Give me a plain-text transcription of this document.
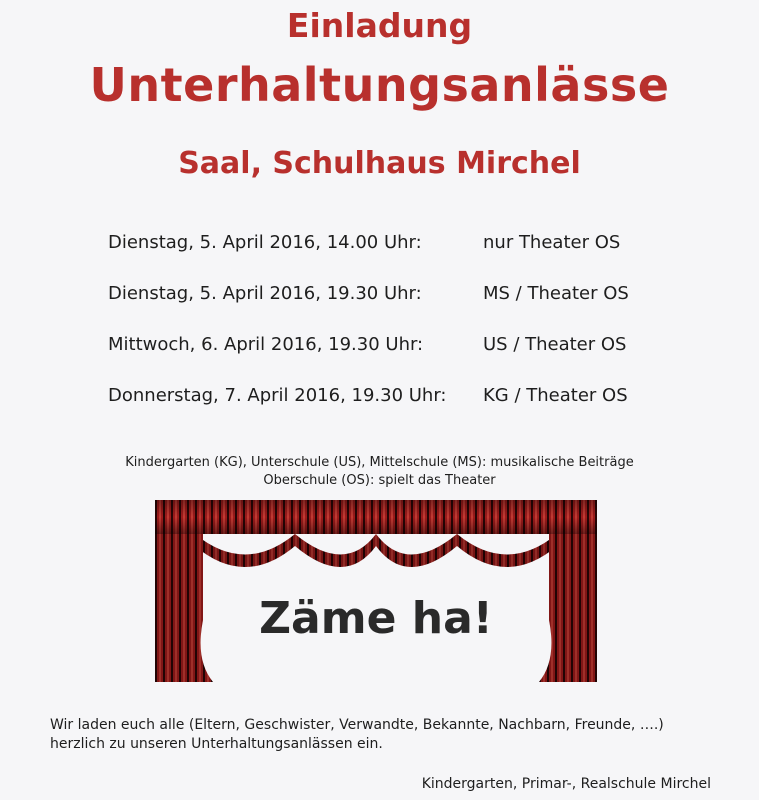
Einladung
Unterhaltungsanlässe
Saal, Schulhaus Mirchel
Dienstag, 5. April 2016, 14.00 Uhr:	nur Theater OS
Dienstag, 5. April 2016, 19.30 Uhr:	MS / Theater OS
Mittwoch, 6. April 2016, 19.30 Uhr:	US / Theater OS
Donnerstag, 7. April 2016, 19.30 Uhr: KG / Theater OS
Kindergarten (KG), Unterschule (US), Mittelschule (MS): musikalische Beiträge
Oberschule (OS): spielt das Theater
Zäme ha!
Wir laden euch alle (Eltern, Geschwister, Verwandte, Bekannte, Nachbarn, Freunde, ….)
herzlich zu unseren Unterhaltungsanlässen ein.
Kindergarten, Primar-, Realschule Mirchel
